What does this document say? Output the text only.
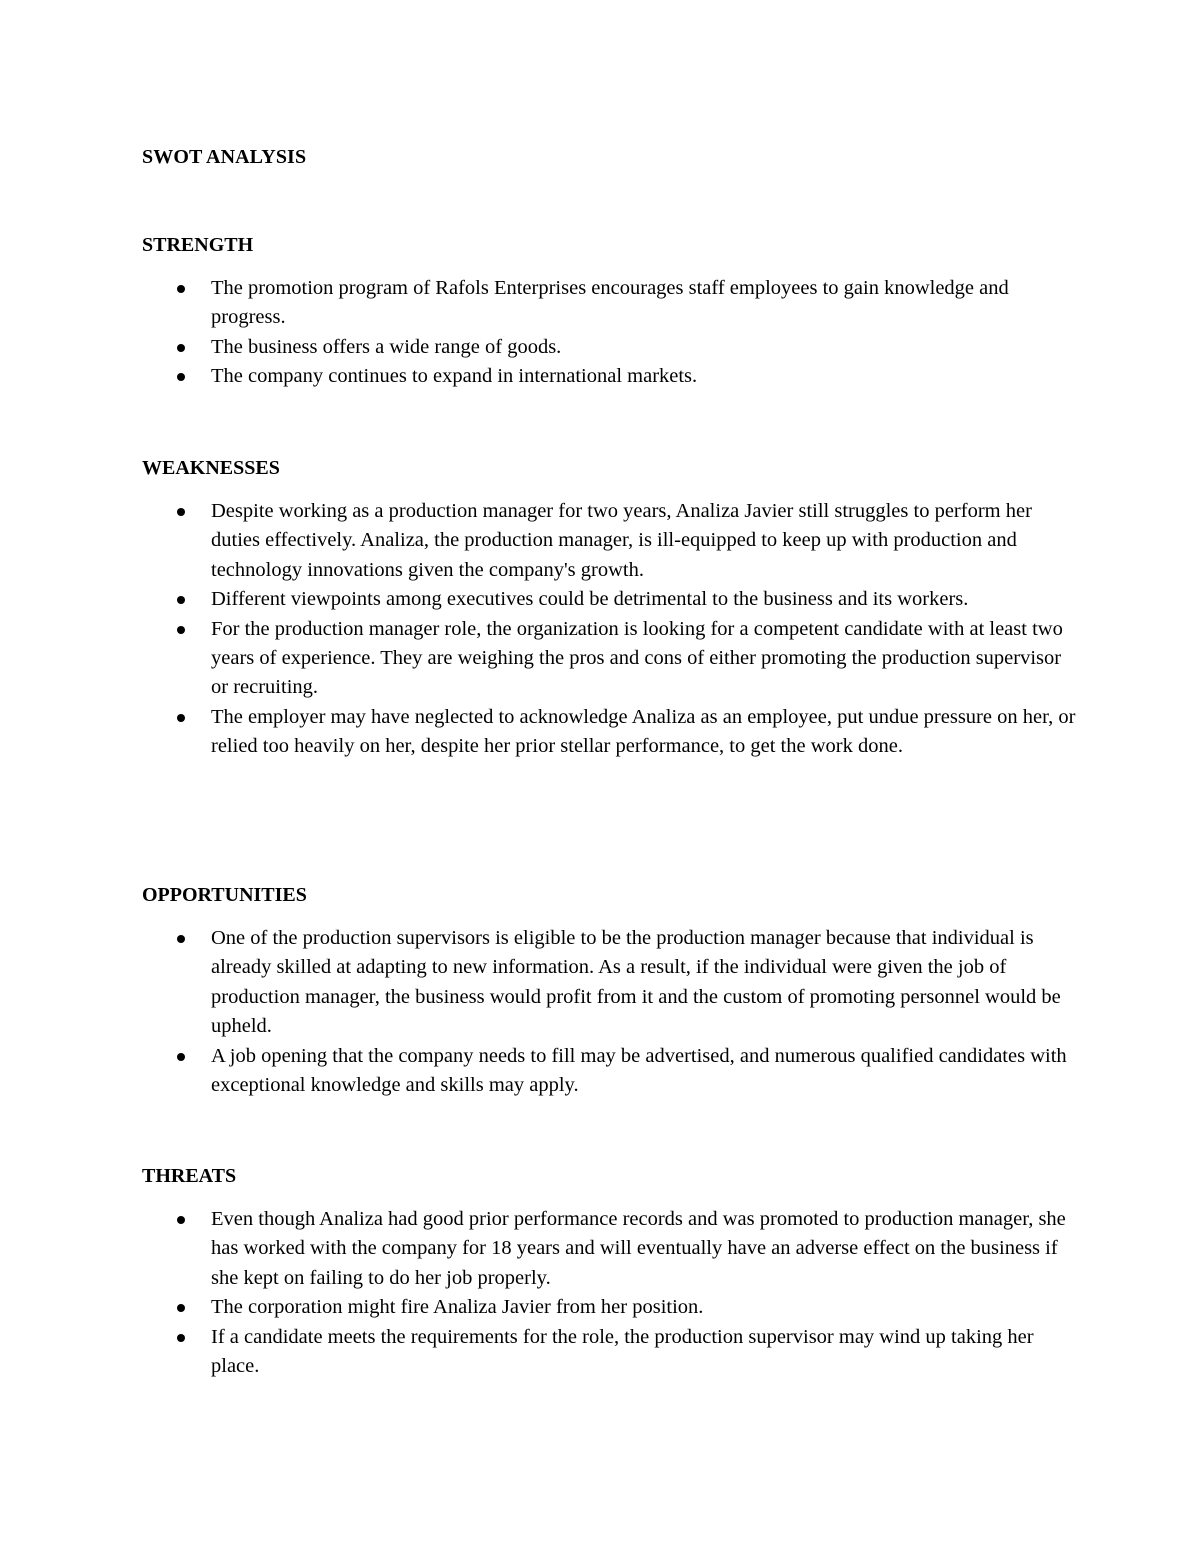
SWOT ANALYSIS
STRENGTH
The promotion program of Rafols Enterprises encourages staff employees to gain knowledge and progress.
The business offers a wide range of goods.
The company continues to expand in international markets.
WEAKNESSES
Despite working as a production manager for two years, Analiza Javier still struggles to perform her duties effectively. Analiza, the production manager, is ill-equipped to keep up with production and technology innovations given the company's growth.
Different viewpoints among executives could be detrimental to the business and its workers.
For the production manager role, the organization is looking for a competent candidate with at least two years of experience. They are weighing the pros and cons of either promoting the production supervisor or recruiting.
The employer may have neglected to acknowledge Analiza as an employee, put undue pressure on her, or relied too heavily on her, despite her prior stellar performance, to get the work done.
OPPORTUNITIES
One of the production supervisors is eligible to be the production manager because that individual is already skilled at adapting to new information. As a result, if the individual were given the job of production manager, the business would profit from it and the custom of promoting personnel would be upheld.
A job opening that the company needs to fill may be advertised, and numerous qualified candidates with exceptional knowledge and skills may apply.
THREATS
Even though Analiza had good prior performance records and was promoted to production manager, she has worked with the company for 18 years and will eventually have an adverse effect on the business if she kept on failing to do her job properly.
The corporation might fire Analiza Javier from her position.
If a candidate meets the requirements for the role, the production supervisor may wind up taking her place.
